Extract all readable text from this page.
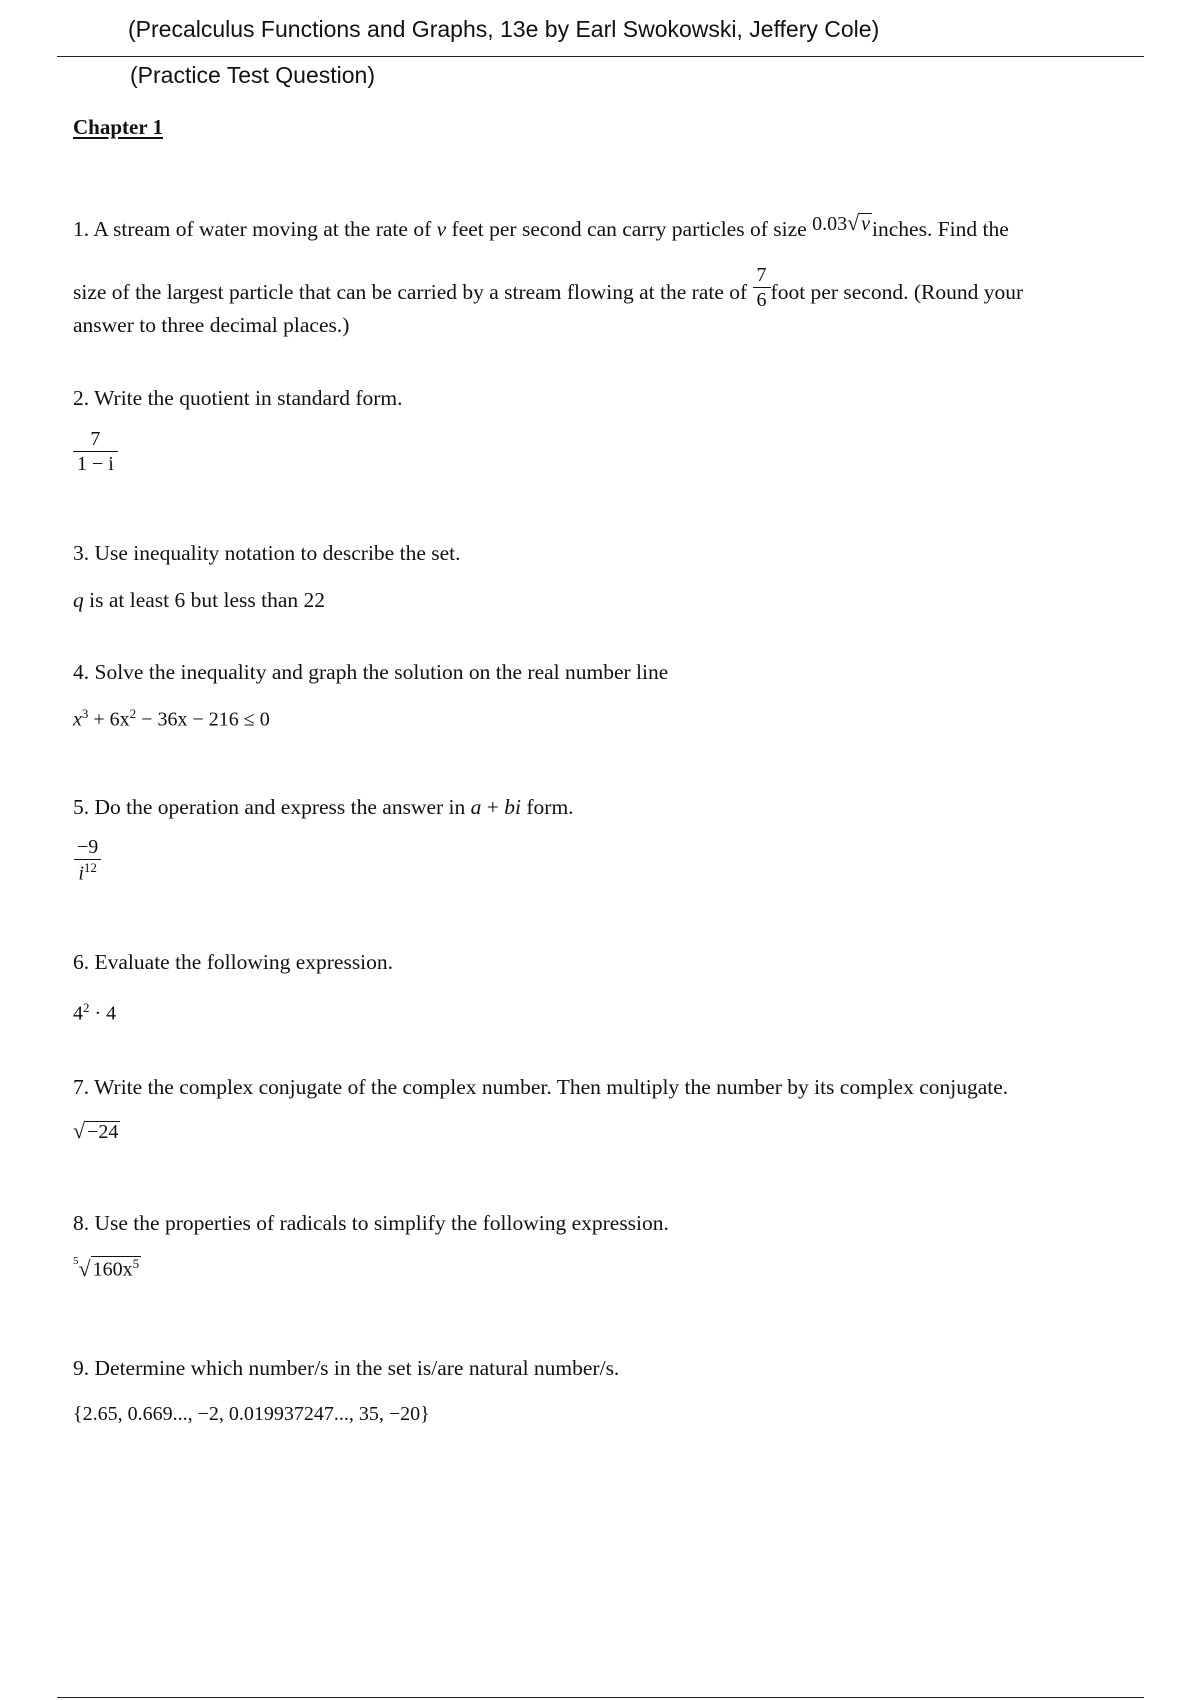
(Precalculus Functions and Graphs, 13e by Earl Swokowski, Jeffery Cole)
(Practice Test Question)
Chapter 1
1. A stream of water moving at the rate of v feet per second can carry particles of size 0.03√ vinches. Find the
size of the largest particle that can be carried by a stream flowing at the rate of $\frac{7}{6}$ foot per second. (Round your
answer to three decimal places.)
2. Write the quotient in standard form.
$\frac{7}{1 - i}$
3. Use inequality notation to describe the set.
q is at least 6 but less than 22
4. Solve the inequality and graph the solution on the real number line
$x^3 + 6x^2 - 36x - 216 \le 0$
5. Do the operation and express the answer in a + bi form.
$\frac{-9}{i^{12}}$
6. Evaluate the following expression.
$4^2 \cdot 4$
7. Write the complex conjugate of the complex number. Then multiply the number by its complex conjugate.
√ −24
8. Use the properties of radicals to simplify the following expression.
$^5$√ $160x^5$
9. Determine which number/s in the set is/are natural number/s.
{2.65, 0.669..., −2, 0.019937247..., 35, −20}
